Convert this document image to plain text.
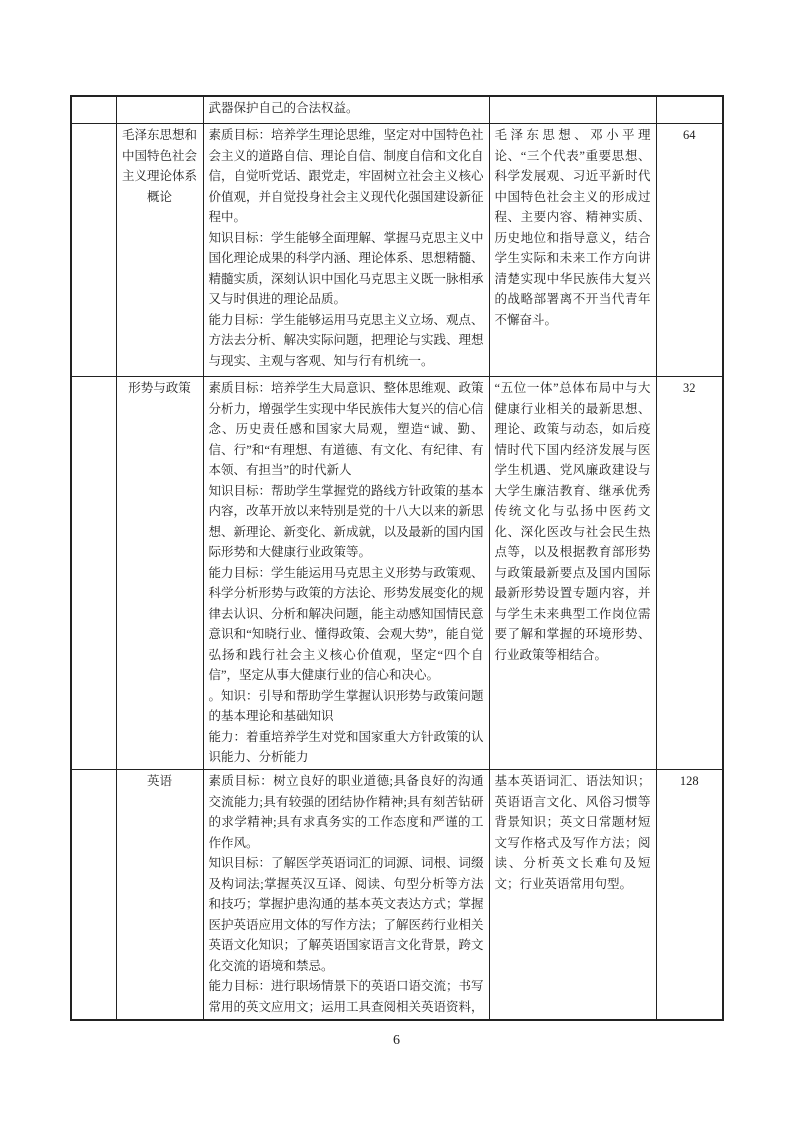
		武器保护自己的合法权益。		

	毛泽东思想和中国特色社会主义理论体系概论	素质目标：培养学生理论思维，坚定对中国特色社会主义的道路自信、理论自信、制度自信和文化自信，自觉听党话、跟党走，牢固树立社会主义核心价值观，并自觉投身社会主义现代化强国建设新征程中。

知识目标：学生能够全面理解、掌握马克思主义中国化理论成果的科学内涵、理论体系、思想精髓、精髓实质，深刻认识中国化马克思主义既一脉相承又与时俱进的理论品质。

能力目标：学生能够运用马克思主义立场、观点、方法去分析、解决实际问题，把理论与实践、理想与现实、主观与客观、知与行有机统一。	毛泽东思想、邓小平理论、“三个代表”重要思想、科学发展观、习近平新时代中国特色社会主义的形成过程、主要内容、精神实质、历史地位和指导意义，结合学生实际和未来工作方向讲清楚实现中华民族伟大复兴的战略部署离不开当代青年不懈奋斗。	64
	形势与政策	素质目标：培养学生大局意识、整体思维观、政策分析力，增强学生实现中华民族伟大复兴的信心信念、历史责任感和国家大局观，塑造“诚、勤、信、行”和“有理想、有道德、有文化、有纪律、有本领、有担当”的时代新人

知识目标：帮助学生掌握党的路线方针政策的基本内容，改革开放以来特别是党的十八大以来的新思想、新理论、新变化、新成就，以及最新的国内国际形势和大健康行业政策等。

能力目标：学生能运用马克思主义形势与政策观、科学分析形势与政策的方法论、形势发展变化的规律去认识、分析和解决问题，能主动感知国情民意意识和“知晓行业、懂得政策、会观大势”，能自觉弘扬和践行社会主义核心价值观，坚定“四个自信”，坚定从事大健康行业的信心和决心。

。知识：引导和帮助学生掌握认识形势与政策问题的基本理论和基础知识

能力：着重培养学生对党和国家重大方针政策的认识能力、分析能力	“五位一体”总体布局中与大健康行业相关的最新思想、理论、政策与动态，如后疫情时代下国内经济发展与医学生机遇、党风廉政建设与大学生廉洁教育、继承优秀传统文化与弘扬中医药文化、深化医改与社会民生热点等，以及根据教育部形势与政策最新要点及国内国际最新形势设置专题内容，并与学生未来典型工作岗位需要了解和掌握的环境形势、行业政策等相结合。	32
	英语	素质目标：树立良好的职业道德;具备良好的沟通交流能力;具有较强的团结协作精神;具有刻苦钻研的求学精神;具有求真务实的工作态度和严谨的工作作风。

知识目标：了解医学英语词汇的词源、词根、词缀及构词法;掌握英汉互译、阅读、句型分析等方法和技巧；掌握护患沟通的基本英文表达方式；掌握医护英语应用文体的写作方法；了解医药行业相关英语文化知识；了解英语国家语言文化背景，跨文化交流的语境和禁忌。

能力目标：进行职场情景下的英语口语交流；书写常用的英文应用文；运用工具查阅相关英语资料，	基本英语词汇、语法知识；英语语言文化、风俗习惯等背景知识；英文日常题材短文写作格式及写作方法；阅读、分析英文长难句及短文；行业英语常用句型。	128
6
